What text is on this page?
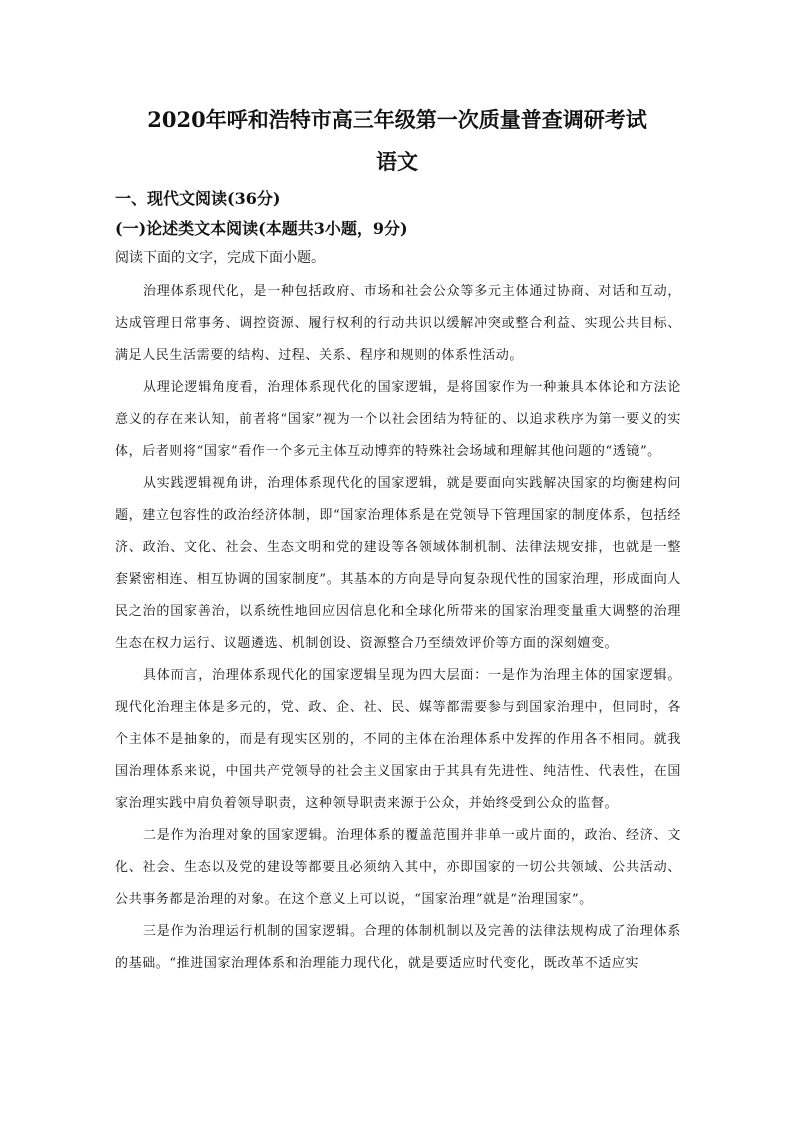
2020年呼和浩特市高三年级第一次质量普查调研考试
语文
一、现代文阅读(36分)
(一)论述类文本阅读(本题共3小题，9分)
阅读下面的文字，完成下面小题。

治理体系现代化，是一种包括政府、市场和社会公众等多元主体通过协商、对话和互动，达成管理日常事务、调控资源、履行权利的行动共识以缓解冲突或整合利益、实现公共目标、满足人民生活需要的结构、过程、关系、程序和规则的体系性活动。

从理论逻辑角度看，治理体系现代化的国家逻辑，是将国家作为一种兼具本体论和方法论意义的存在来认知，前者将“国家”视为一个以社会团结为特征的、以追求秩序为第一要义的实体，后者则将“国家”看作一个多元主体互动博弈的特殊社会场域和理解其他问题的“透镜”。

从实践逻辑视角讲，治理体系现代化的国家逻辑，就是要面向实践解决国家的均衡建构问题，建立包容性的政治经济体制，即“国家治理体系是在党领导下管理国家的制度体系，包括经济、政治、文化、社会、生态文明和党的建设等各领域体制机制、法律法规安排，也就是一整套紧密相连、相互协调的国家制度”。其基本的方向是导向复杂现代性的国家治理，形成面向人民之治的国家善治，以系统性地回应因信息化和全球化所带来的国家治理变量重大调整的治理生态在权力运行、议题遴选、机制创设、资源整合乃至绩效评价等方面的深刻嬗变。

具体而言，治理体系现代化的国家逻辑呈现为四大层面：一是作为治理主体的国家逻辑。现代化治理主体是多元的，党、政、企、社、民、媒等都需要参与到国家治理中，但同时，各个主体不是抽象的，而是有现实区别的，不同的主体在治理体系中发挥的作用各不相同。就我国治理体系来说，中国共产党领导的社会主义国家由于其具有先进性、纯洁性、代表性，在国家治理实践中肩负着领导职责，这种领导职责来源于公众，并始终受到公众的监督。

二是作为治理对象的国家逻辑。治理体系的覆盖范围并非单一或片面的，政治、经济、文化、社会、生态以及党的建设等都要且必须纳入其中，亦即国家的一切公共领域、公共活动、公共事务都是治理的对象。在这个意义上可以说，“国家治理”就是“治理国家”。

三是作为治理运行机制的国家逻辑。合理的体制机制以及完善的法律法规构成了治理体系的基础。“推进国家治理体系和治理能力现代化，就是要适应时代变化，既改革不适应实
